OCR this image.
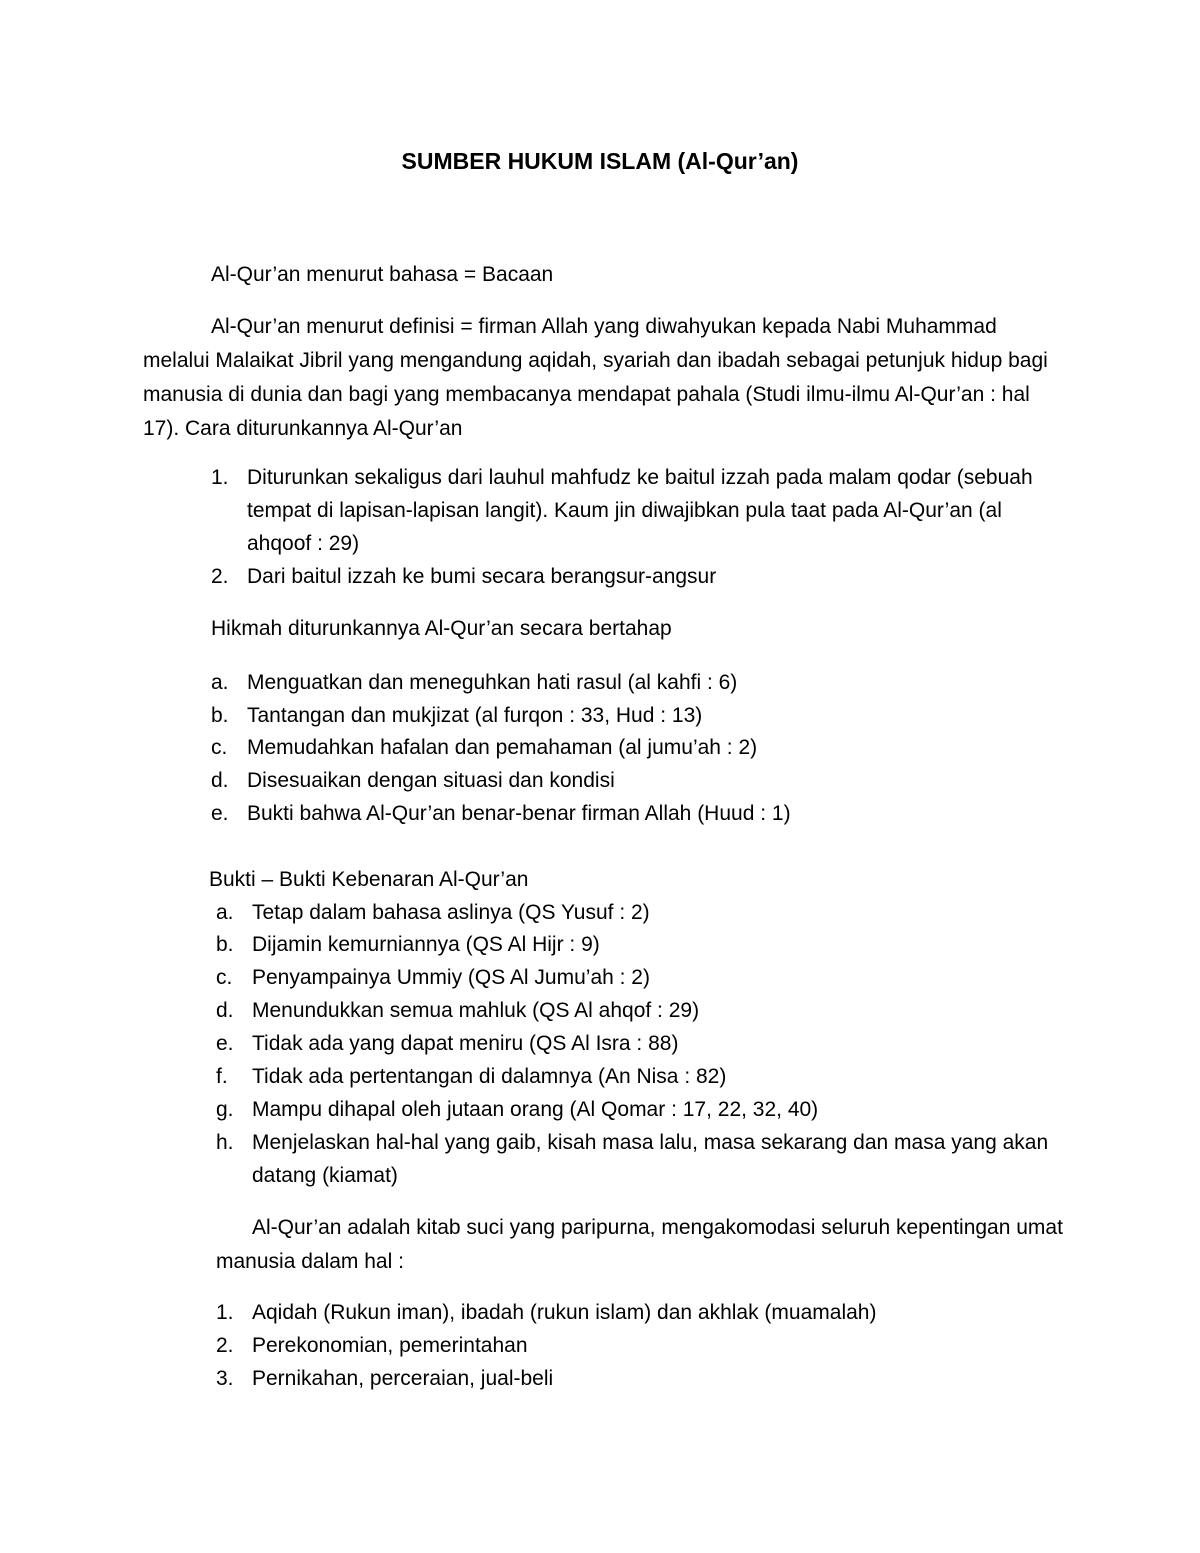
SUMBER HUKUM ISLAM (Al-Qur’an)
Al-Qur’an menurut bahasa = Bacaan
Al-Qur’an menurut definisi = firman Allah yang diwahyukan kepada Nabi Muhammad melalui Malaikat Jibril yang mengandung aqidah, syariah dan ibadah sebagai petunjuk hidup bagi manusia di dunia dan bagi yang membacanya mendapat pahala (Studi ilmu-ilmu Al-Qur’an : hal 17). Cara diturunkannya Al-Qur’an
1. Diturunkan sekaligus dari lauhul mahfudz ke baitul izzah pada malam qodar (sebuah tempat di lapisan-lapisan langit). Kaum jin diwajibkan pula taat pada Al-Qur’an (al ahqoof : 29)
2. Dari baitul izzah ke bumi secara berangsur-angsur
Hikmah diturunkannya Al-Qur’an secara bertahap
a. Menguatkan dan meneguhkan hati rasul (al kahfi : 6)
b. Tantangan dan mukjizat (al furqon : 33, Hud : 13)
c. Memudahkan hafalan dan pemahaman (al jumu’ah : 2)
d. Disesuaikan dengan situasi dan kondisi
e. Bukti bahwa Al-Qur’an benar-benar firman Allah (Huud : 1)
Bukti – Bukti Kebenaran Al-Qur’an
a. Tetap dalam bahasa aslinya (QS Yusuf : 2)
b. Dijamin kemurniannya (QS Al Hijr : 9)
c. Penyampainya Ummiy (QS Al Jumu’ah : 2)
d. Menundukkan semua mahluk (QS Al ahqof : 29)
e. Tidak ada yang dapat meniru (QS Al Isra : 88)
f. Tidak ada pertentangan di dalamnya (An Nisa : 82)
g. Mampu dihapal oleh jutaan orang (Al Qomar : 17, 22, 32, 40)
h. Menjelaskan hal-hal yang gaib, kisah masa lalu, masa sekarang dan masa yang akan datang (kiamat)
Al-Qur’an adalah kitab suci yang paripurna, mengakomodasi seluruh kepentingan umat manusia dalam hal :
1. Aqidah (Rukun iman), ibadah (rukun islam) dan akhlak (muamalah)
2. Perekonomian, pemerintahan
3. Pernikahan, perceraian, jual-beli
